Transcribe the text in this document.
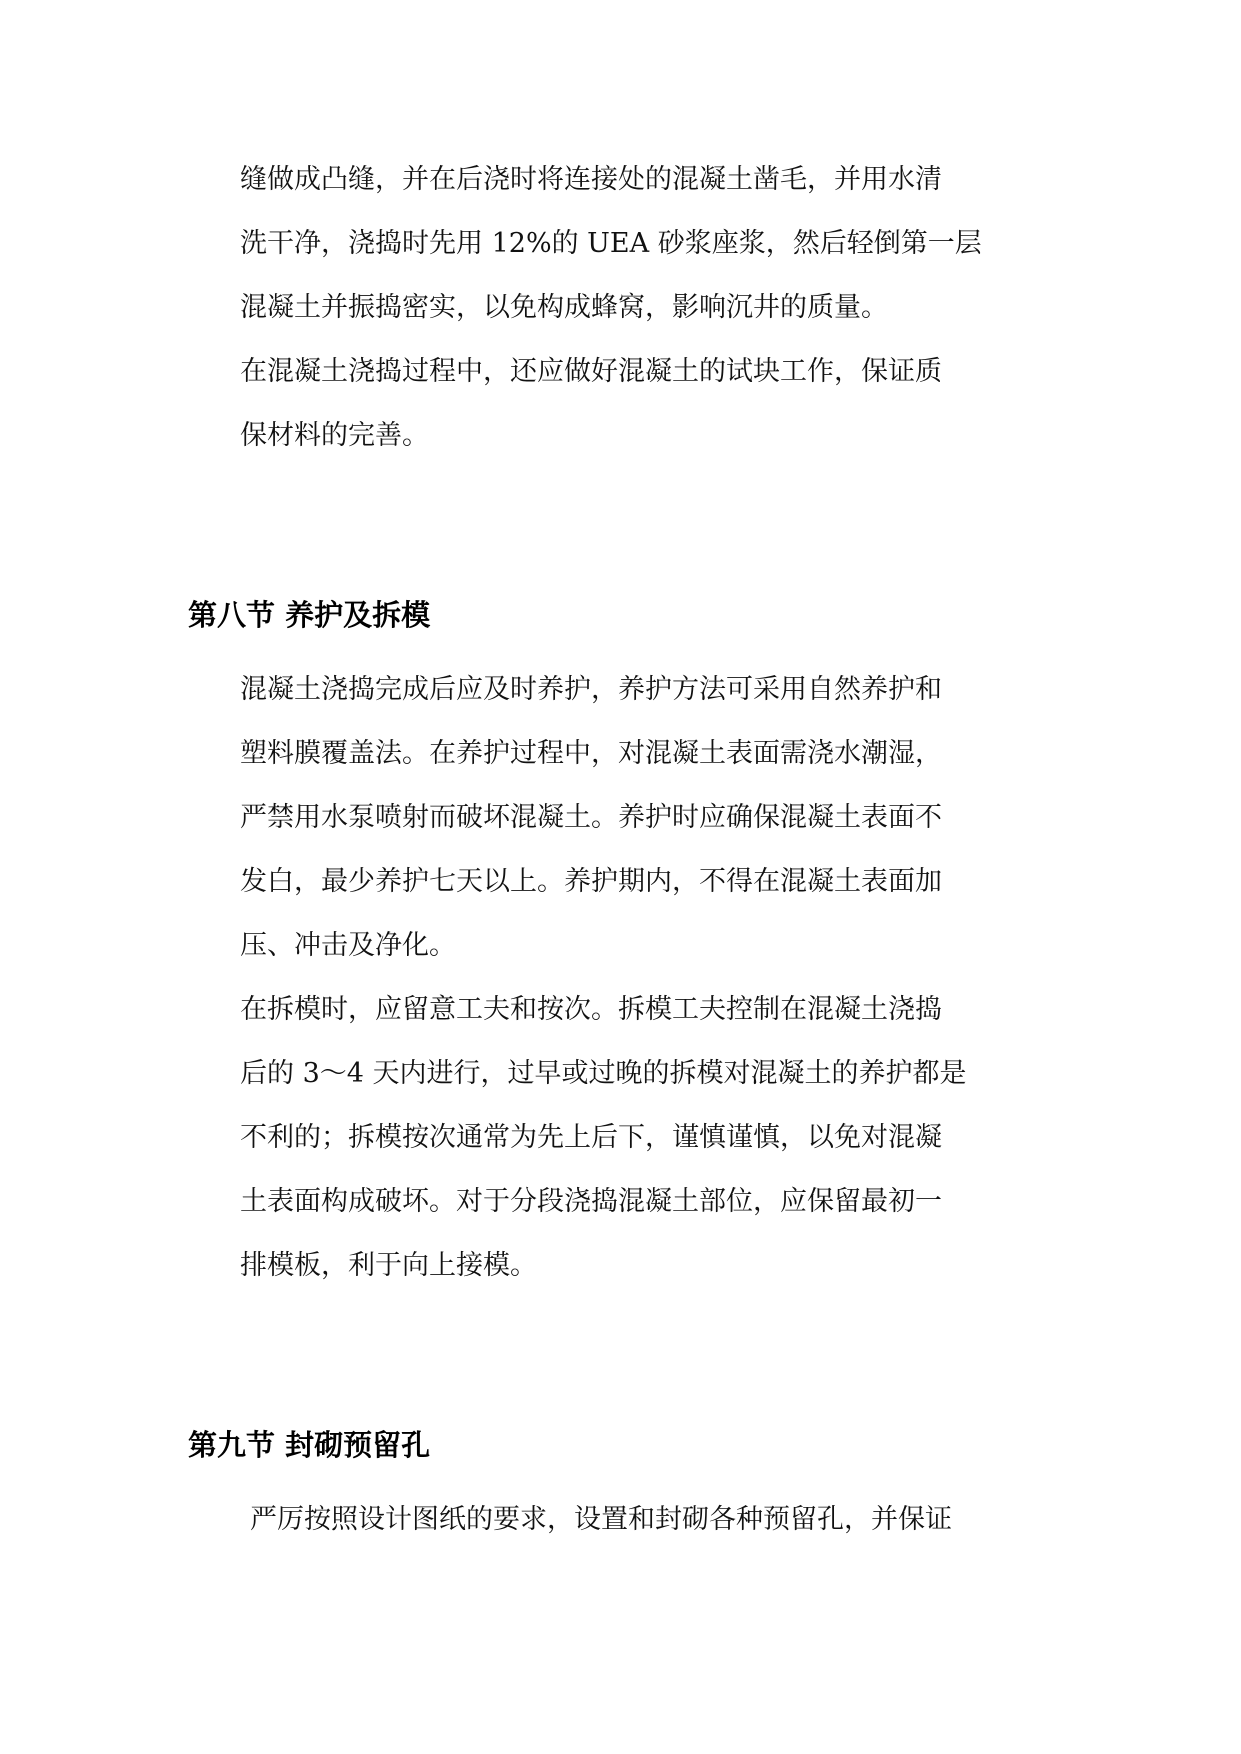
缝做成凸缝，并在后浇时将连接处的混凝土凿毛，并用水清
洗干净，浇捣时先用 12%的 UEA 砂浆座浆，然后轻倒第一层
混凝土并振捣密实，以免构成蜂窝，影响沉井的质量。
在混凝土浇捣过程中，还应做好混凝土的试块工作，保证质
保材料的完善。
第八节 养护及拆模
混凝土浇捣完成后应及时养护，养护方法可采用自然养护和
塑料膜覆盖法。在养护过程中，对混凝土表面需浇水潮湿，
严禁用水泵喷射而破坏混凝土。养护时应确保混凝土表面不
发白，最少养护七天以上。养护期内，不得在混凝土表面加
压、冲击及净化。
在拆模时，应留意工夫和按次。拆模工夫控制在混凝土浇捣
后的 3～4 天内进行，过早或过晚的拆模对混凝土的养护都是
不利的；拆模按次通常为先上后下，谨慎谨慎，以免对混凝
土表面构成破坏。对于分段浇捣混凝土部位，应保留最初一
排模板，利于向上接模。
第九节 封砌预留孔
严厉按照设计图纸的要求，设置和封砌各种预留孔，并保证
